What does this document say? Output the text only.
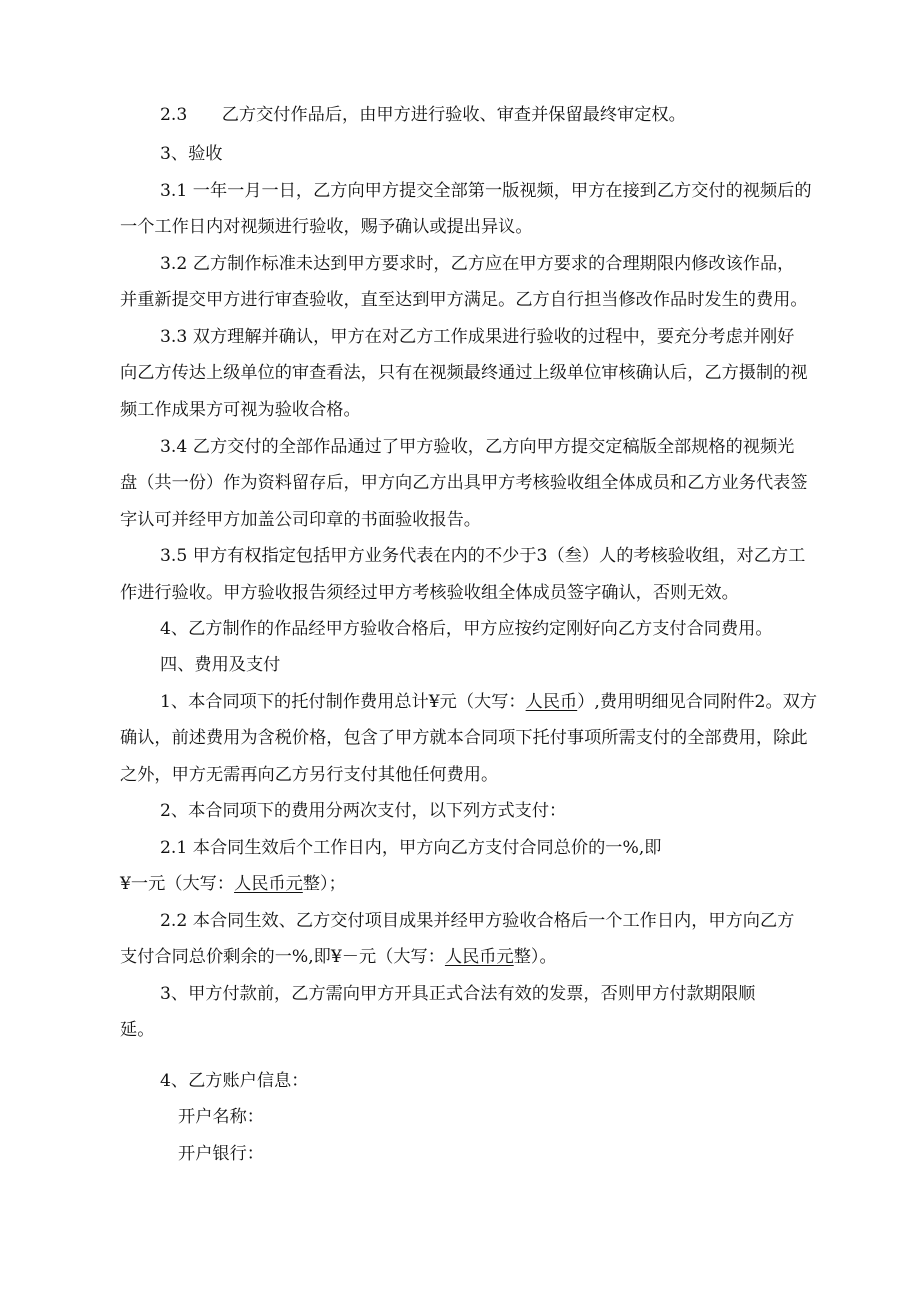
2.3　　乙方交付作品后，由甲方进行验收、审查并保留最终审定权。
3、验收
3.1 一年一月一日，乙方向甲方提交全部第一版视频，甲方在接到乙方交付的视频后的
一个工作日内对视频进行验收，赐予确认或提出异议。
3.2 乙方制作标准未达到甲方要求时，乙方应在甲方要求的合理期限内修改该作品，
并重新提交甲方进行审查验收，直至达到甲方满足。乙方自行担当修改作品时发生的费用。
3.3 双方理解并确认，甲方在对乙方工作成果进行验收的过程中，要充分考虑并刚好
向乙方传达上级单位的审查看法，只有在视频最终通过上级单位审核确认后，乙方摄制的视
频工作成果方可视为验收合格。
3.4 乙方交付的全部作品通过了甲方验收，乙方向甲方提交定稿版全部规格的视频光
盘（共一份）作为资料留存后，甲方向乙方出具甲方考核验收组全体成员和乙方业务代表签
字认可并经甲方加盖公司印章的书面验收报告。
3.5 甲方有权指定包括甲方业务代表在内的不少于3（叁）人的考核验收组，对乙方工
作进行验收。甲方验收报告须经过甲方考核验收组全体成员签字确认，否则无效。
4、乙方制作的作品经甲方验收合格后，甲方应按约定刚好向乙方支付合同费用。
四、费用及支付
1、本合同项下的托付制作费用总计¥元（大写：人民币）,费用明细见合同附件2。双方
确认，前述费用为含税价格，包含了甲方就本合同项下托付事项所需支付的全部费用，除此
之外，甲方无需再向乙方另行支付其他任何费用。
2、本合同项下的费用分两次支付，以下列方式支付：
2.1 本合同生效后个工作日内，甲方向乙方支付合同总价的一%,即
¥一元（大写：人民币元整）；
2.2 本合同生效、乙方交付项目成果并经甲方验收合格后一个工作日内，甲方向乙方
支付合同总价剩余的一%,即¥－元（大写：人民币元整）。
3、甲方付款前，乙方需向甲方开具正式合法有效的发票，否则甲方付款期限顺
延。
4、乙方账户信息：
开户名称：
开户银行：
